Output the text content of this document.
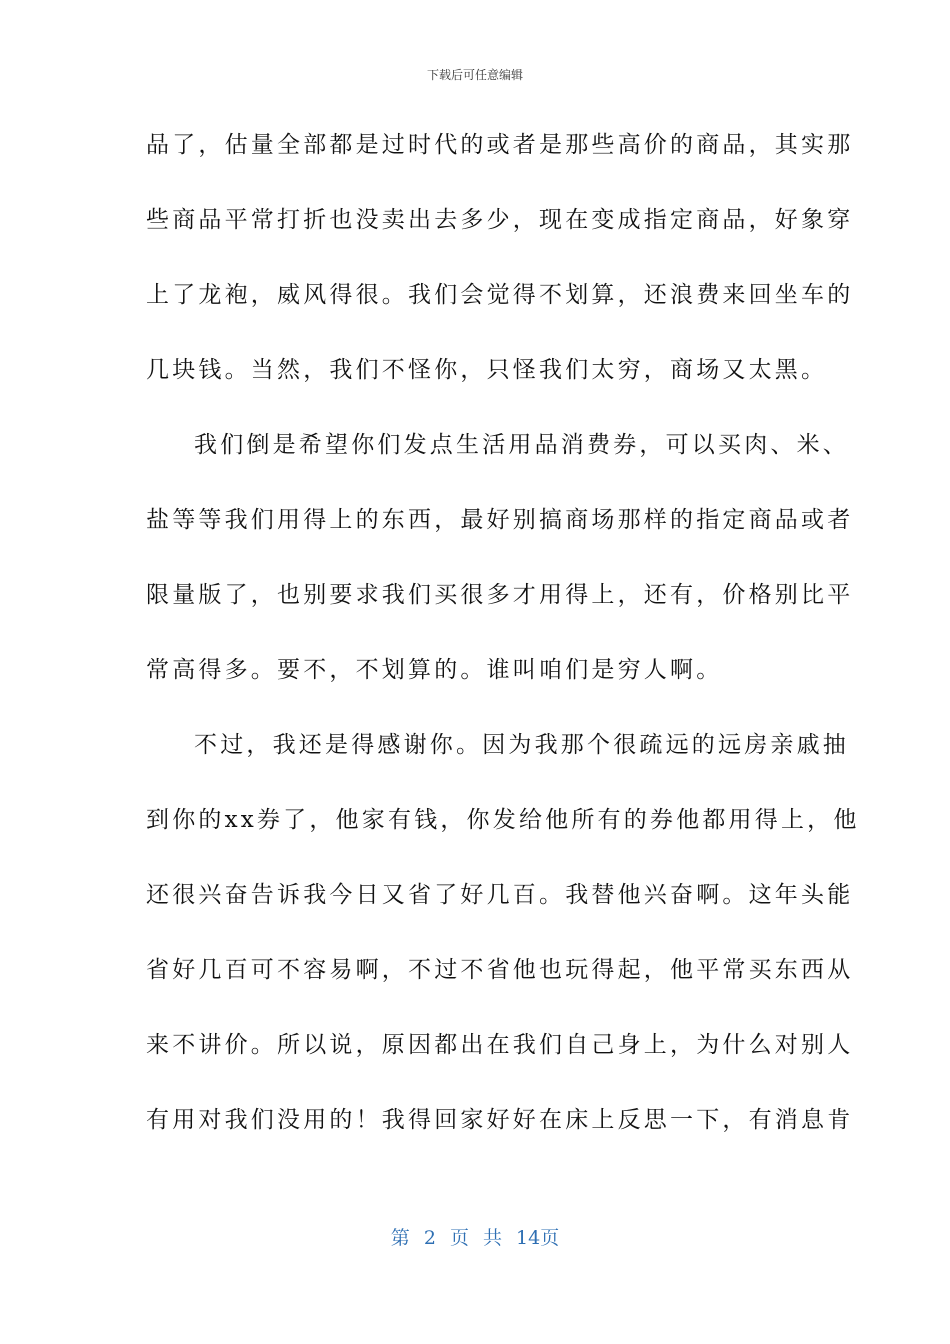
下载后可任意编辑
品了，估量全部都是过时代的或者是那些高价的商品，其实那
些商品平常打折也没卖出去多少，现在变成指定商品，好象穿
上了龙袍，威风得很。我们会觉得不划算，还浪费来回坐车的
几块钱。当然，我们不怪你，只怪我们太穷，商场又太黑。
我们倒是希望你们发点生活用品消费券，可以买肉、米、
盐等等我们用得上的东西，最好别搞商场那样的指定商品或者
限量版了，也别要求我们买很多才用得上，还有，价格别比平
常高得多。要不，不划算的。谁叫咱们是穷人啊。
不过，我还是得感谢你。因为我那个很疏远的远房亲戚抽
到你的xx券了，他家有钱，你发给他所有的券他都用得上，他
还很兴奋告诉我今日又省了好几百。我替他兴奋啊。这年头能
省好几百可不容易啊，不过不省他也玩得起，他平常买东西从
来不讲价。所以说，原因都出在我们自己身上，为什么对别人
有用对我们没用的！我得回家好好在床上反思一下，有消息肯
第 2 页 共 14页
